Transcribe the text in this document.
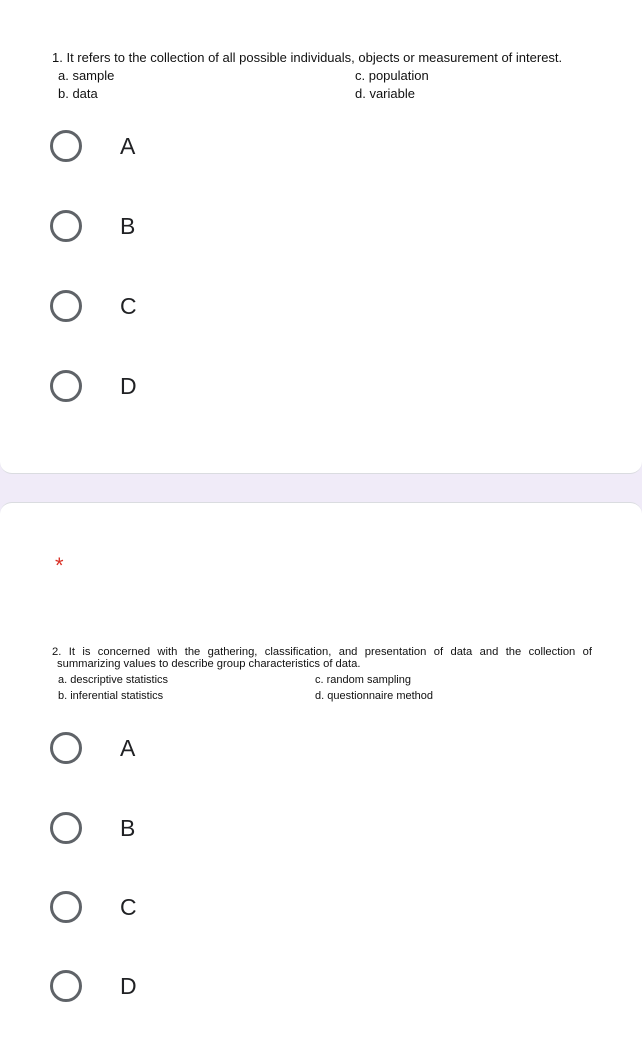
1. It refers to the collection of all possible individuals, objects or measurement of interest.
a. sample
b. data
c. population
d. variable
A
B
C
D
*
2. It is concerned with the gathering, classification, and presentation of data and the collection of
summarizing values to describe group characteristics of data.
a. descriptive statistics
b. inferential statistics
c. random sampling
d. questionnaire method
A
B
C
D
